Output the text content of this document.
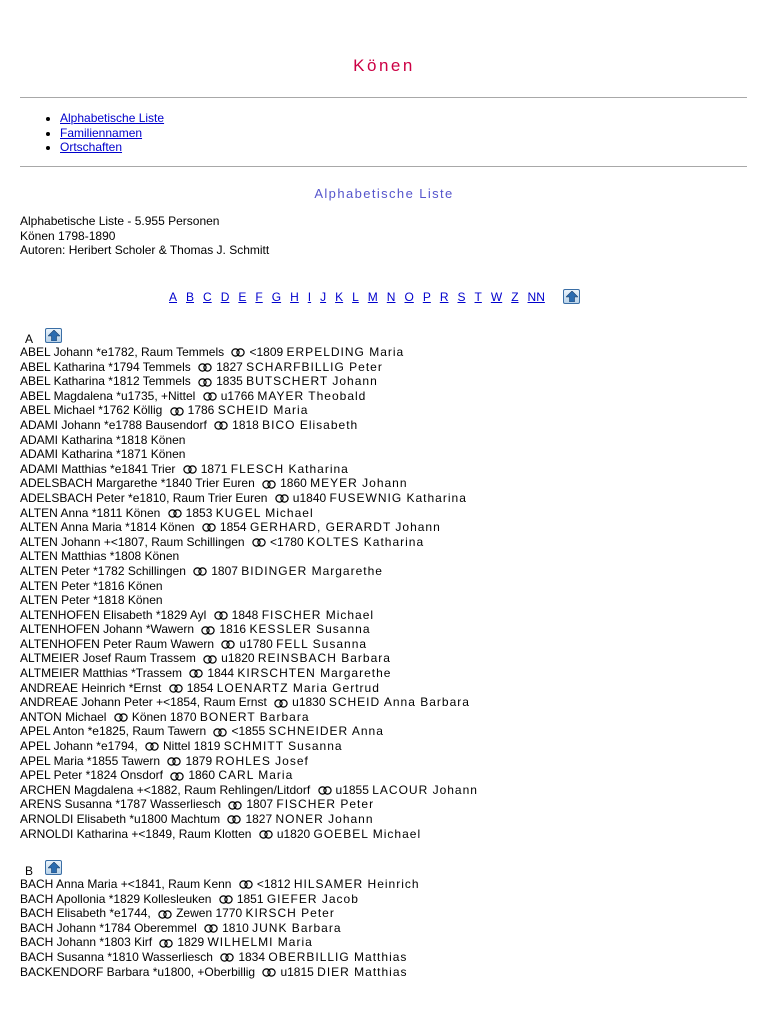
Könen
• Alphabetische Liste
• Familiennamen
• Ortschaften
Alphabetische Liste
Alphabetische Liste - 5.955 Personen
Könen 1798-1890
Autoren: Heribert Scholer & Thomas J. Schmitt
A B C D E F G H I J K L M N O P R S T W Z NN
A
ABEL Johann *e1782, Raum Temmels <1809 ERPELDING Maria
ABEL Katharina *1794 Temmels 1827 SCHARFBILLIG Peter
ABEL Katharina *1812 Temmels 1835 BUTSCHERT Johann
ABEL Magdalena *u1735, +Nittel u1766 MAYER Theobald
ABEL Michael *1762 Köllig 1786 SCHEID Maria
ADAMI Johann *e1788 Bausendorf 1818 BICO Elisabeth
ADAMI Katharina *1818 Könen
ADAMI Katharina *1871 Könen
ADAMI Matthias *e1841 Trier 1871 FLESCH Katharina
ADELSBACH Margarethe *1840 Trier Euren 1860 MEYER Johann
ADELSBACH Peter *e1810, Raum Trier Euren u1840 FUSEWNIG Katharina
ALTEN Anna *1811 Könen 1853 KUGEL Michael
ALTEN Anna Maria *1814 Könen 1854 GERHARD, GERARDT Johann
ALTEN Johann +<1807, Raum Schillingen <1780 KOLTES Katharina
ALTEN Matthias *1808 Könen
ALTEN Peter *1782 Schillingen 1807 BIDINGER Margarethe
ALTEN Peter *1816 Könen
ALTEN Peter *1818 Könen
ALTENHOFEN Elisabeth *1829 Ayl 1848 FISCHER Michael
ALTENHOFEN Johann *Wawern 1816 KESSLER Susanna
ALTENHOFEN Peter Raum Wawern u1780 FELL Susanna
ALTMEIER Josef Raum Trassem u1820 REINSBACH Barbara
ALTMEIER Matthias *Trassem 1844 KIRSCHTEN Margarethe
ANDREAE Heinrich *Ernst 1854 LOENARTZ Maria Gertrud
ANDREAE Johann Peter +<1854, Raum Ernst u1830 SCHEID Anna Barbara
ANTON Michael Könen 1870 BONERT Barbara
APEL Anton *e1825, Raum Tawern <1855 SCHNEIDER Anna
APEL Johann *e1794, Nittel 1819 SCHMITT Susanna
APEL Maria *1855 Tawern 1879 ROHLES Josef
APEL Peter *1824 Onsdorf 1860 CARL Maria
ARCHEN Magdalena +<1882, Raum Rehlingen/Litdorf u1855 LACOUR Johann
ARENS Susanna *1787 Wasserliesch 1807 FISCHER Peter
ARNOLDI Elisabeth *u1800 Machtum 1827 NONER Johann
ARNOLDI Katharina +<1849, Raum Klotten u1820 GOEBEL Michael
B
BACH Anna Maria +<1841, Raum Kenn <1812 HILSAMER Heinrich
BACH Apollonia *1829 Kollesleuken 1851 GIEFER Jacob
BACH Elisabeth *e1744, Zewen 1770 KIRSCH Peter
BACH Johann *1784 Oberemmel 1810 JUNK Barbara
BACH Johann *1803 Kirf 1829 WILHELMI Maria
BACH Susanna *1810 Wasserliesch 1834 OBERBILLIG Matthias
BACKENDORF Barbara *u1800, +Oberbillig u1815 DIER Matthias
